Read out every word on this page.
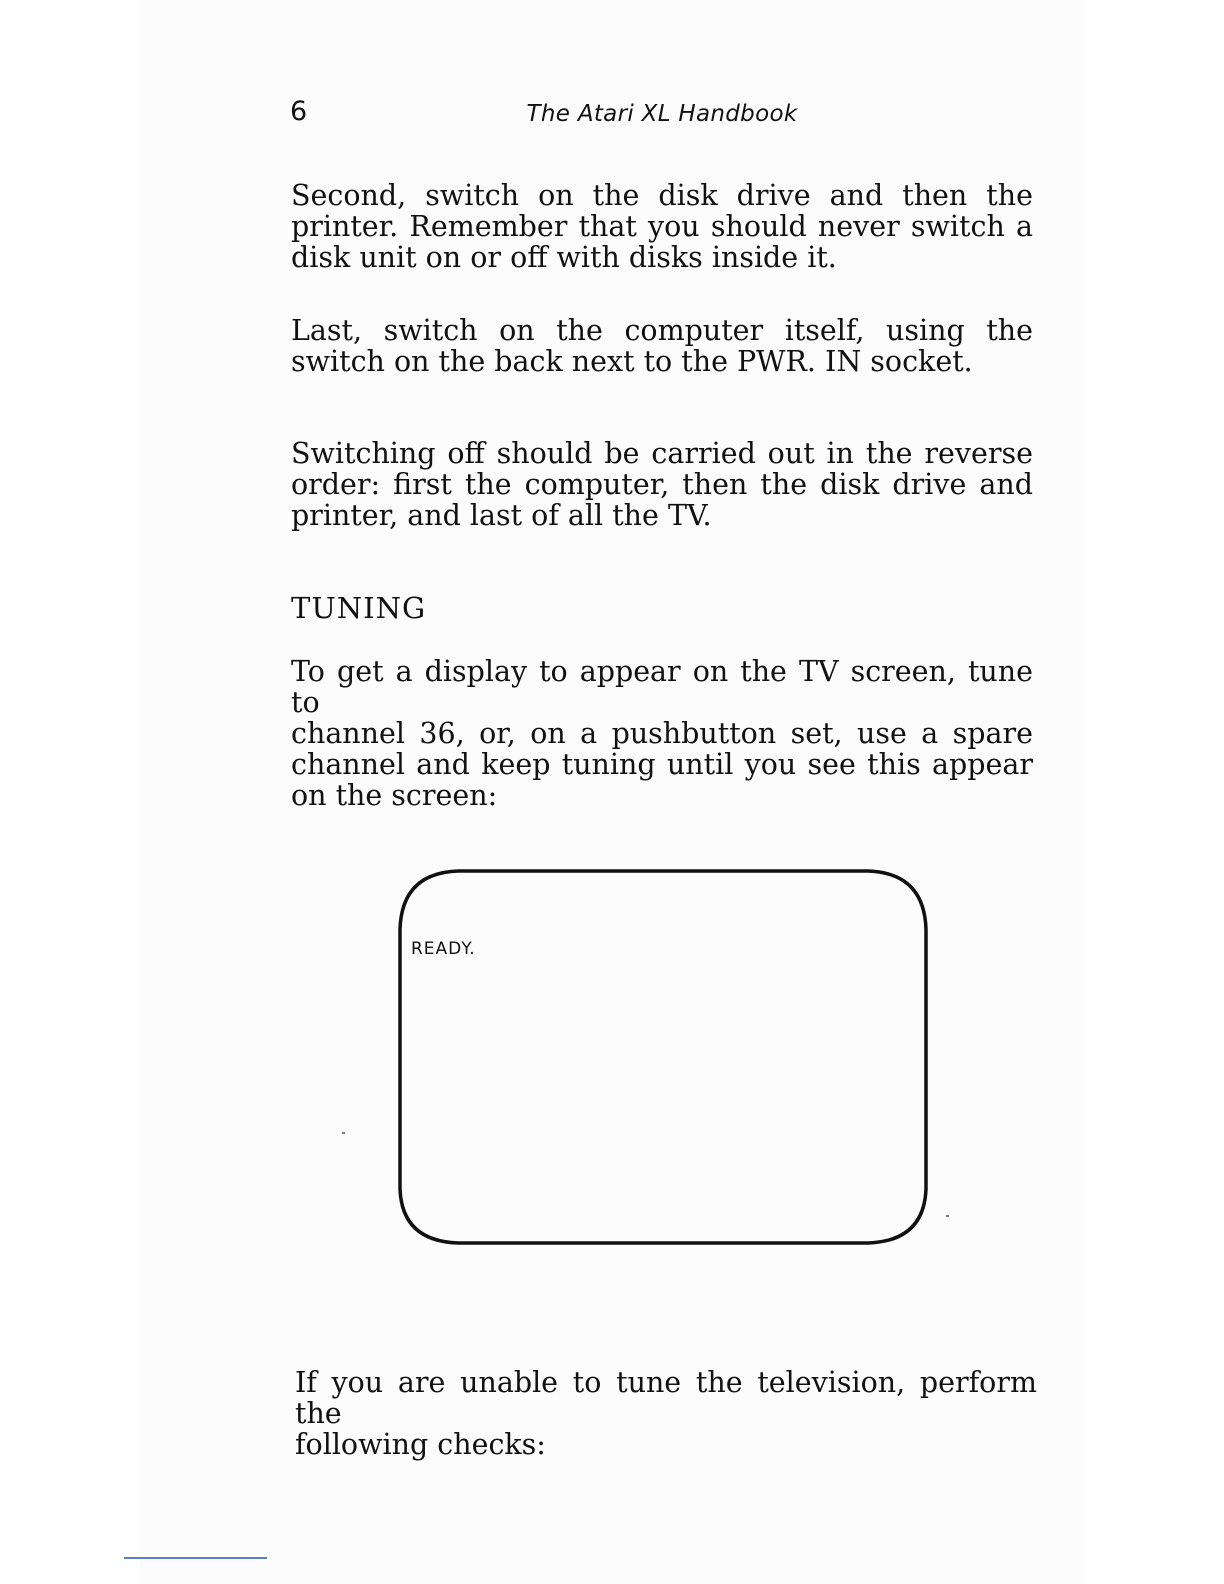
6	The Atari XL Handbook
Second, switch on the disk drive and then the
printer. Remember that you should never switch a
disk unit on or off with disks inside it.
Last, switch on the computer itself, using the
switch on the back next to the PWR. IN socket.
Switching off should be carried out in the reverse
order: first the computer, then the disk drive and
printer, and last of all the TV.
TUNING
To get a display to appear on the TV screen, tune to
channel 36, or, on a pushbutton set, use a spare
channel and keep tuning until you see this appear
on the screen:
READY.
If you are unable to tune the television, perform the
following checks:
